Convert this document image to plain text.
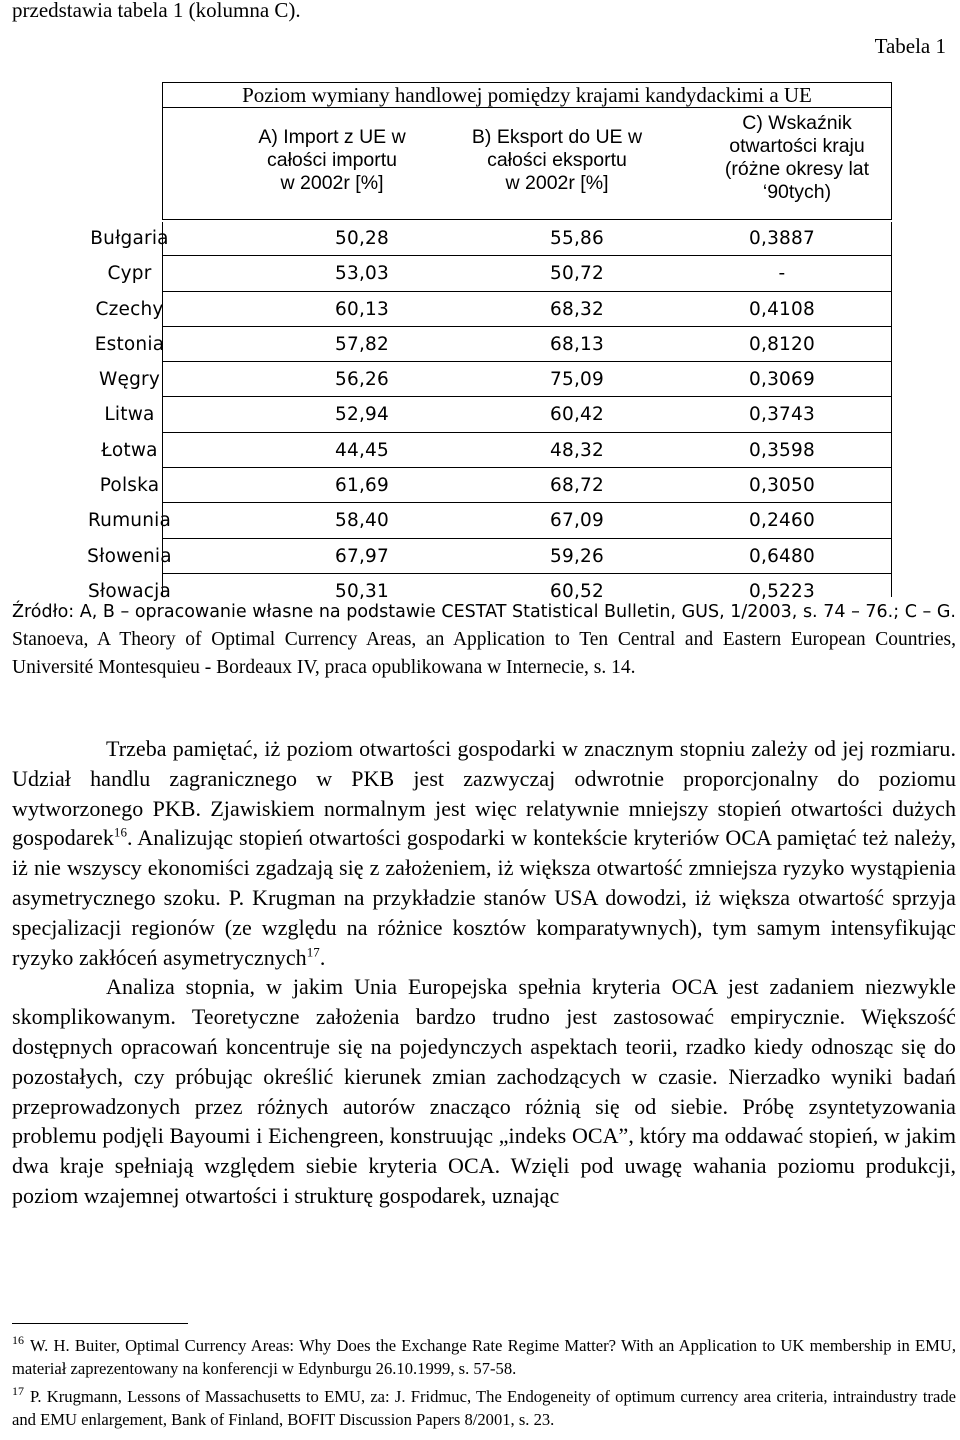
przedstawia tabela 1 (kolumna C).
Tabela 1
Poziom wymiany handlowej pomiędzy krajami kandydackimi a UE
A) Import z UE w
całości importu
w 2002r [%]
B) Eksport do UE w
całości eksportu
w 2002r [%]
C) Wskaźnik
otwartości kraju
(różne okresy lat
‘90tych)
Bułgaria	50,28	55,86	0,3887
Cypr	53,03	50,72	-
Czechy	60,13	68,32	0,4108
Estonia	57,82	68,13	0,8120
Węgry	56,26	75,09	0,3069
Litwa	52,94	60,42	0,3743
Łotwa	44,45	48,32	0,3598
Polska	61,69	68,72	0,3050
Rumunia	58,40	67,09	0,2460
Słowenia	67,97	59,26	0,6480
Słowacja	50,31	60,52	0,5223
Źródło: A, B – opracowanie własne na podstawie CESTAT Statistical Bulletin, GUS, 1/2003, s. 74 – 76.; C – G. Stanoeva, A Theory of Optimal Currency Areas, an Application to Ten Central and Eastern European Countries, Université Montesquieu - Bordeaux IV, praca opublikowana w Internecie, s. 14.

Trzeba pamiętać, iż poziom otwartości gospodarki w znacznym stopniu zależy od jej rozmiaru. Udział handlu zagranicznego w PKB jest zazwyczaj odwrotnie proporcjonalny do poziomu wytworzonego PKB. Zjawiskiem normalnym jest więc relatywnie mniejszy stopień otwartości dużych gospodarek$^{16}$. Analizując stopień otwartości gospodarki w kontekście kryteriów OCA pamiętać też należy, iż nie wszyscy ekonomiści zgadzają się z założeniem, iż większa otwartość zmniejsza ryzyko wystąpienia asymetrycznego szoku. P. Krugman na przykładzie stanów USA dowodzi, iż większa otwartość sprzyja specjalizacji regionów (ze względu na różnice kosztów komparatywnych), tym samym intensyfikując ryzyko zakłóceń asymetrycznych$^{17}$.

Analiza stopnia, w jakim Unia Europejska spełnia kryteria OCA jest zadaniem niezwykle skomplikowanym. Teoretyczne założenia bardzo trudno jest zastosować empirycznie. Większość dostępnych opracowań koncentruje się na pojedynczych aspektach teorii, rzadko kiedy odnosząc się do pozostałych, czy próbując określić kierunek zmian zachodzących w czasie. Nierzadko wyniki badań przeprowadzonych przez różnych autorów znacząco różnią się od siebie. Próbę zsyntetyzowania problemu podjęli Bayoumi i Eichengreen, konstruując „indeks OCA”, który ma oddawać stopień, w jakim dwa kraje spełniają względem siebie kryteria OCA. Wzięli pod uwagę wahania poziomu produkcji, poziom wzajemnej otwartości i strukturę gospodarek, uznając

$^{16}$ W. H. Buiter, Optimal Currency Areas: Why Does the Exchange Rate Regime Matter? With an Application to UK membership in EMU, materiał zaprezentowany na konferencji w Edynburgu 26.10.1999, s. 57-58.
$^{17}$ P. Krugmann, Lessons of Massachusetts to EMU, za: J. Fridmuc, The Endogeneity of optimum currency area criteria, intraindustry trade and EMU enlargement, Bank of Finland, BOFIT Discussion Papers 8/2001, s. 23.
